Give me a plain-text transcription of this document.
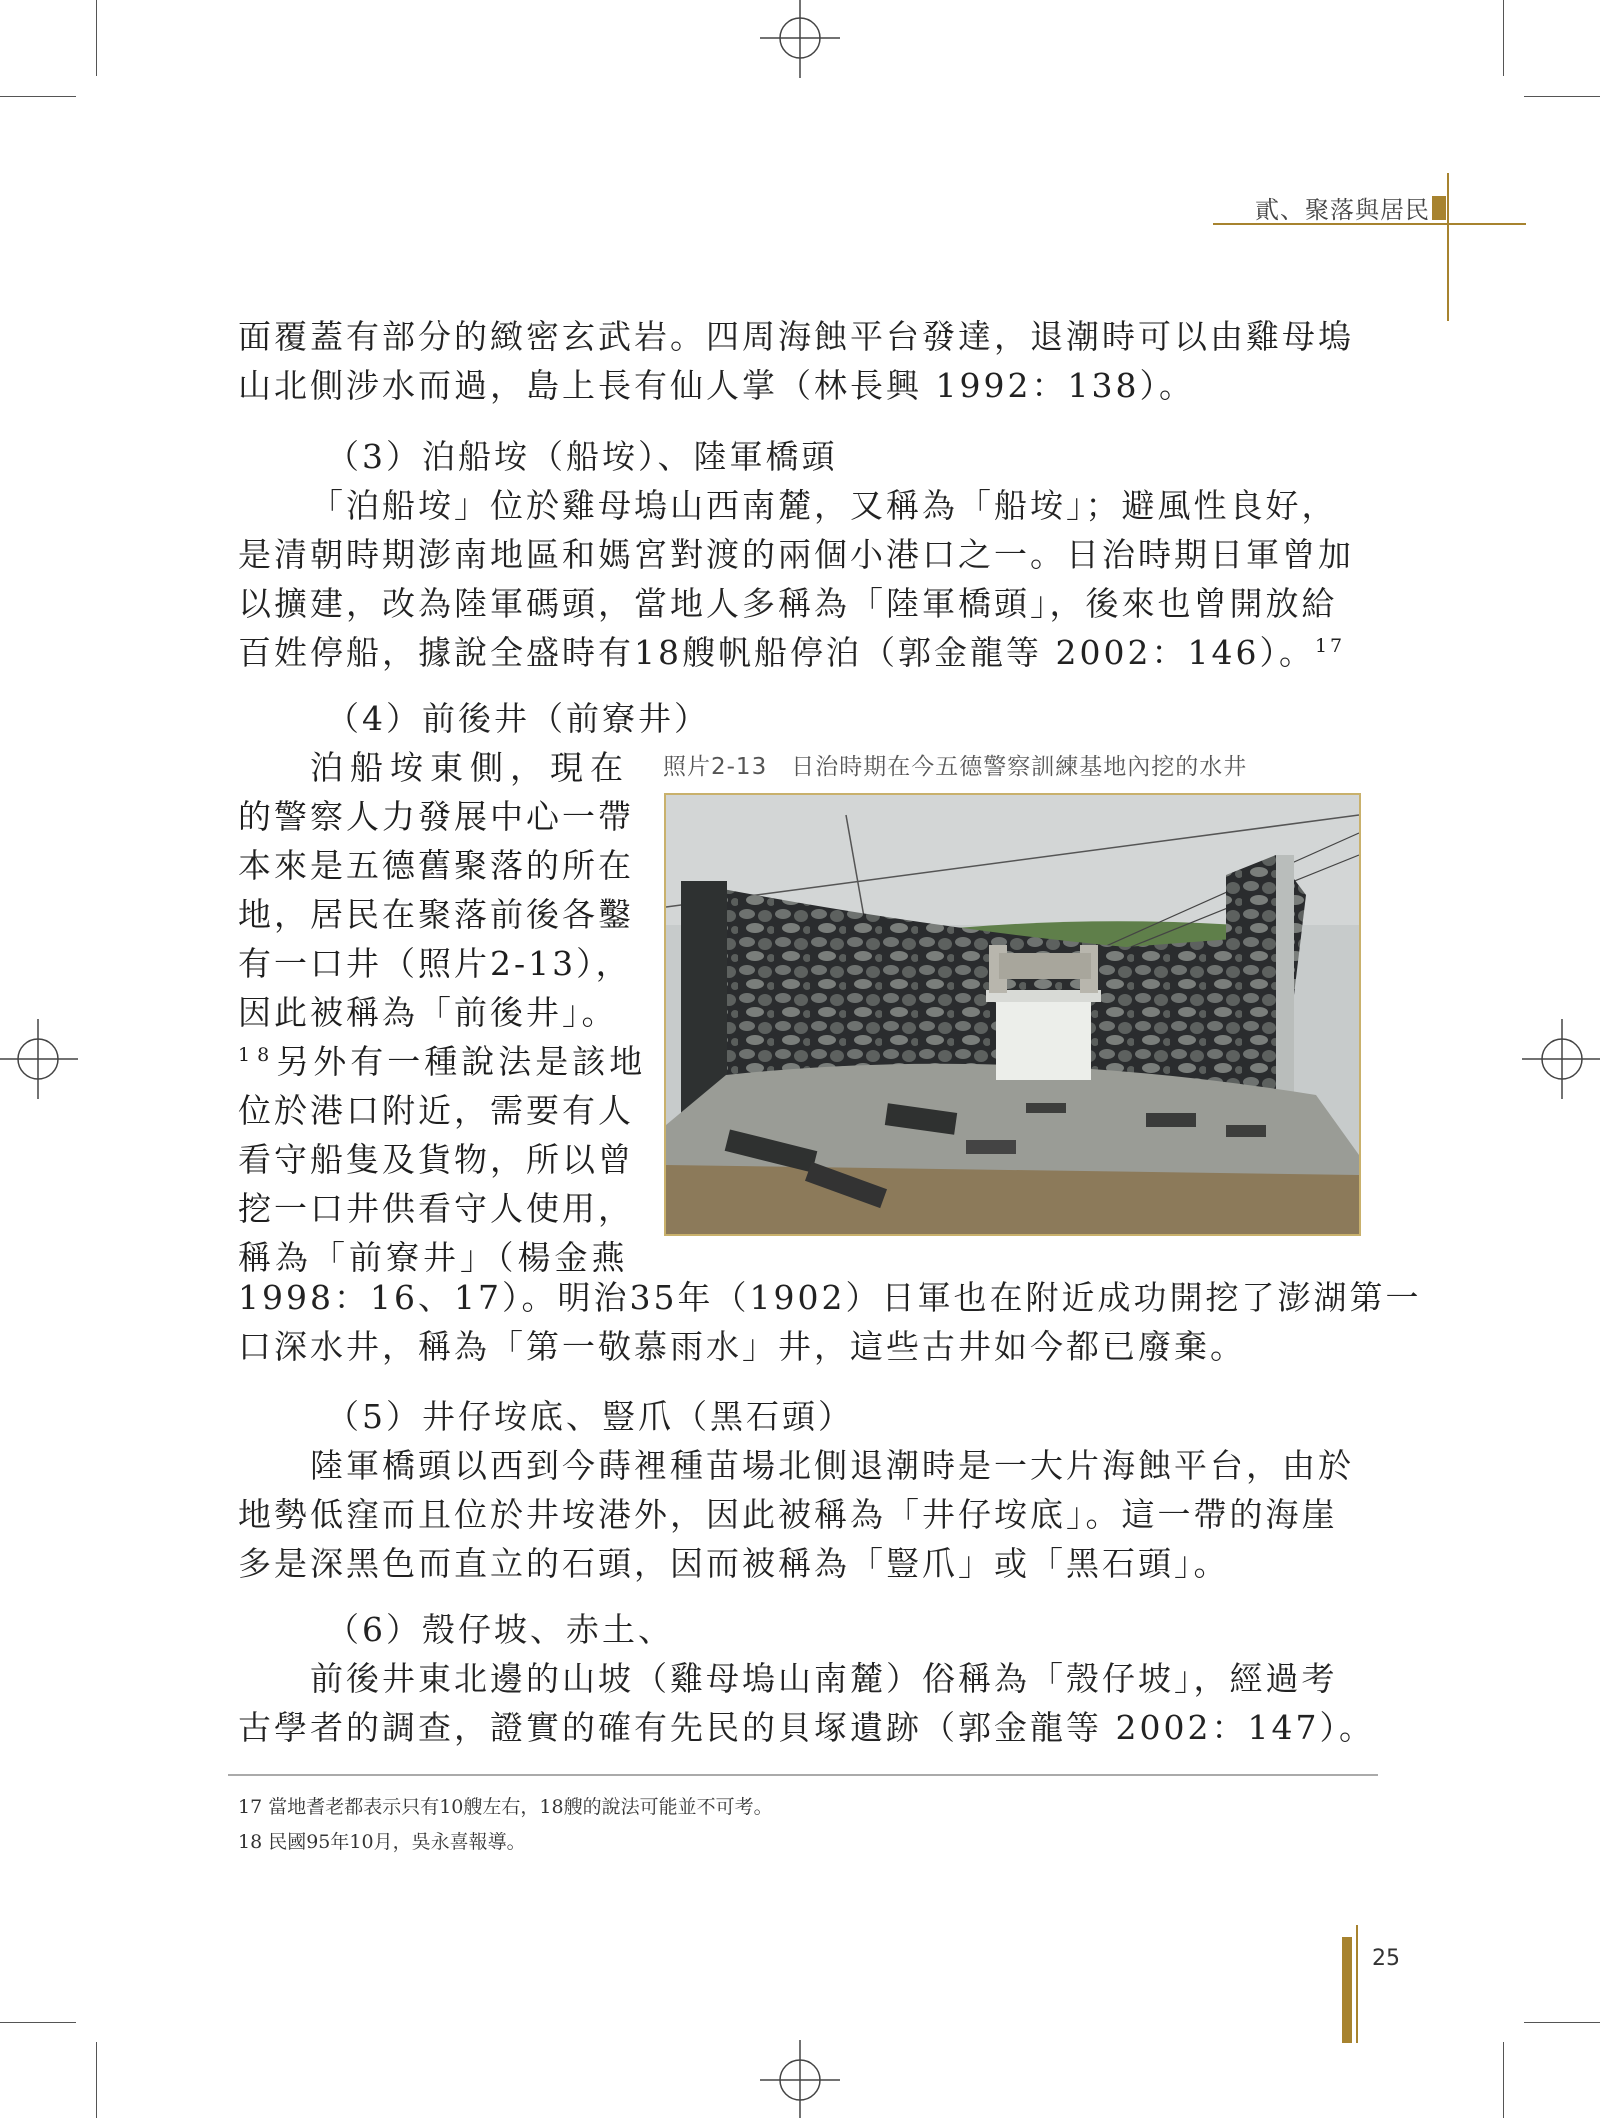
貳、聚落與居民

面覆蓋有部分的緻密玄武岩。四周海蝕平台發達，退潮時可以由雞母塢

山北側涉水而過，島上長有仙人掌（林長興 1992：138）。

（3）泊船垵（船垵）、陸軍橋頭

「泊船垵」位於雞母塢山西南麓，又稱為「船垵」；避風性良好，

是清朝時期澎南地區和媽宮對渡的兩個小港口之一。日治時期日軍曾加

以擴建，改為陸軍碼頭，當地人多稱為「陸軍橋頭」，後來也曾開放給

百姓停船，據說全盛時有18艘帆船停泊（郭金龍等 2002：146）。$^{17}$

（4）前後井（前寮井）

泊船垵東側，現在

的警察人力發展中心一帶

本來是五德舊聚落的所在

地，居民在聚落前後各鑿

有一口井（照片2-13），

因此被稱為「前後井」。

$^{18}$另外有一種說法是該地

位於港口附近，需要有人

看守船隻及貨物，所以曾

挖一口井供看守人使用，

稱為「前寮井」（楊金燕

照片2-13　日治時期在今五德警察訓練基地內挖的水井

1998：16、17）。明治35年（1902）日軍也在附近成功開挖了澎湖第一

口深水井，稱為「第一敬慕雨水」井，這些古井如今都已廢棄。

（5）井仔垵底、豎爪（黑石頭）

陸軍橋頭以西到今蒔裡種苗場北側退潮時是一大片海蝕平台，由於

地勢低窪而且位於井垵港外，因此被稱為「井仔垵底」。這一帶的海崖

多是深黑色而直立的石頭，因而被稱為「豎爪」或「黑石頭」。

（6）殼仔坡、赤土、

前後井東北邊的山坡（雞母塢山南麓）俗稱為「殼仔坡」，經過考

古學者的調查，證實的確有先民的貝塚遺跡（郭金龍等 2002：147）。

17 當地耆老都表示只有10艘左右，18艘的說法可能並不可考。
18 民國95年10月，吳永喜報導。
25
